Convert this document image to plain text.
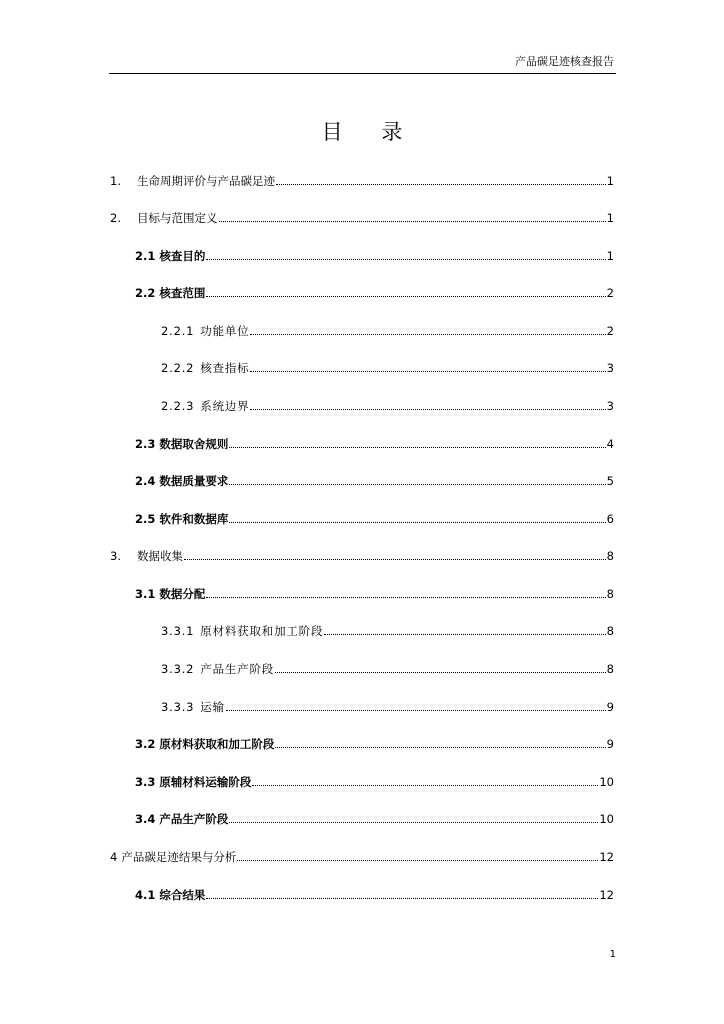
产品碳足迹核查报告
目 录
1.	生命周期评价与产品碳足迹	1
2.	目标与范围定义	1
2.1 核查目的	1
2.2 核查范围	2
2.2.1 功能单位	2
2.2.2 核查指标	3
2.2.3 系统边界	3
2.3 数据取舍规则	4
2.4 数据质量要求	5
2.5 软件和数据库	6
3.	数据收集	8
3.1 数据分配	8
3.3.1 原材料获取和加工阶段	8
3.3.2 产品生产阶段	8
3.3.3 运输	9
3.2 原材料获取和加工阶段	9
3.3 原辅材料运输阶段	10
3.4 产品生产阶段	10
4 产品碳足迹结果与分析	12
4.1 综合结果	12
1
